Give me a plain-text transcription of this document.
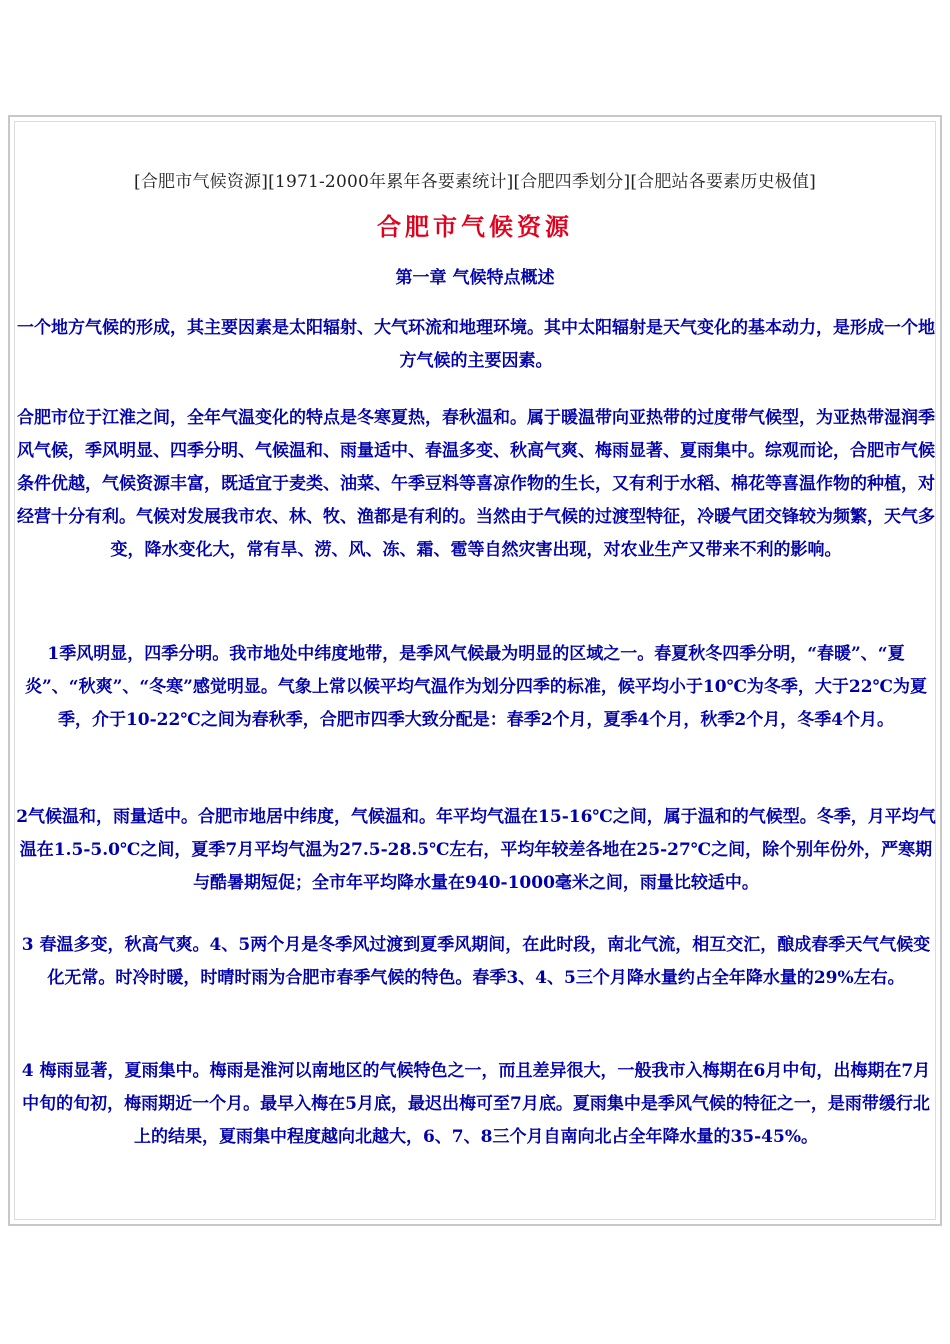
[合肥市气候资源][1971-2000年累年各要素统计][合肥四季划分][合肥站各要素历史极值]
合肥市气候资源
第一章 气候特点概述
一个地方气候的形成，其主要因素是太阳辐射、大气环流和地理环境。其中太阳辐射是天气变化的基本动力，是形成一个地方气候的主要因素。
合肥市位于江淮之间，全年气温变化的特点是冬寒夏热，春秋温和。属于暖温带向亚热带的过度带气候型，为亚热带湿润季风气候，季风明显、四季分明、气候温和、雨量适中、春温多变、秋高气爽、梅雨显著、夏雨集中。综观而论，合肥市气候条件优越，气候资源丰富，既适宜于麦类、油菜、午季豆料等喜凉作物的生长，又有利于水稻、棉花等喜温作物的种植，对经营十分有利。气候对发展我市农、林、牧、渔都是有利的。当然由于气候的过渡型特征，冷暖气团交锋较为频繁，天气多变，降水变化大，常有旱、涝、风、冻、霜、雹等自然灾害出现，对农业生产又带来不利的影响。
1季风明显，四季分明。我市地处中纬度地带，是季风气候最为明显的区域之一。春夏秋冬四季分明，“春暖”、“夏炎”、“秋爽”、“冬寒”感觉明显。气象上常以候平均气温作为划分四季的标准，候平均小于10℃为冬季，大于22℃为夏季，介于10-22℃之间为春秋季，合肥市四季大致分配是：春季2个月，夏季4个月，秋季2个月，冬季4个月。
2气候温和，雨量适中。合肥市地居中纬度，气候温和。年平均气温在15-16℃之间，属于温和的气候型。冬季，月平均气温在1.5-5.0℃之间，夏季7月平均气温为27.5-28.5℃左右，平均年较差各地在25-27℃之间，除个别年份外，严寒期与酷暑期短促；全市年平均降水量在940-1000毫米之间，雨量比较适中。
3 春温多变，秋高气爽。4、5两个月是冬季风过渡到夏季风期间，在此时段，南北气流，相互交汇，酿成春季天气气候变化无常。时冷时暖，时晴时雨为合肥市春季气候的特色。春季3、4、5三个月降水量约占全年降水量的29%左右。
4 梅雨显著，夏雨集中。梅雨是淮河以南地区的气候特色之一，而且差异很大，一般我市入梅期在6月中旬，出梅期在7月中旬的旬初，梅雨期近一个月。最早入梅在5月底，最迟出梅可至7月底。夏雨集中是季风气候的特征之一，是雨带缓行北上的结果，夏雨集中程度越向北越大，6、7、8三个月自南向北占全年降水量的35-45%。
